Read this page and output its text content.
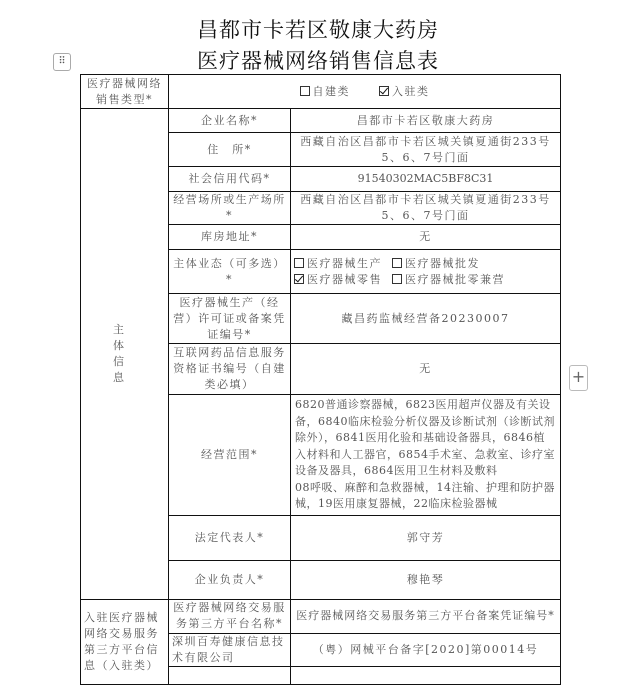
昌都市卡若区敬康大药房
医疗器械网络销售信息表
⠿
+
医疗器械网络销售类型*	自建类 入驻类	

主 体 信 息	企业名称*	昌都市卡若区敬康大药房
	住　所*	西藏自治区昌都市卡若区城关镇夏通街233号5、6、7号门面
	社会信用代码*	91540302MAC5BF8C31
	经营场所或生产场所*	西藏自治区昌都市卡若区城关镇夏通街233号5、6、7号门面
	库房地址*	无
	主体业态（可多选）*	医疗器械生产 医疗器械批发
医疗器械零售 医疗器械批零兼营

	医疗器械生产（经营）许可证或备案凭证编号*	藏昌药监械经营备20230007
	互联网药品信息服务资格证书编号（自建类必填）	无
	经营范围*	6820普通诊察器械，6823医用超声仪器及有关设备，6840临床检验分析仪器及诊断试剂（诊断试剂除外），6841医用化验和基础设备器具，6846植入材料和人工器官，6854手术室、急救室、诊疗室设备及器具，6864医用卫生材料及敷料
08呼吸、麻醉和急救器械，14注输、护理和防护器械，19医用康复器械，22临床检验器械

	法定代表人*	郭守芳
	企业负责人*	穆艳琴
入驻医疗器械网络交易服务第三方平台信息（入驻类）	医疗器械网络交易服务第三方平台名称*	医疗器械网络交易服务第三方平台备案凭证编号*
	深圳百寿健康信息技术有限公司	（粤）网械平台备字[2020]第00014号
